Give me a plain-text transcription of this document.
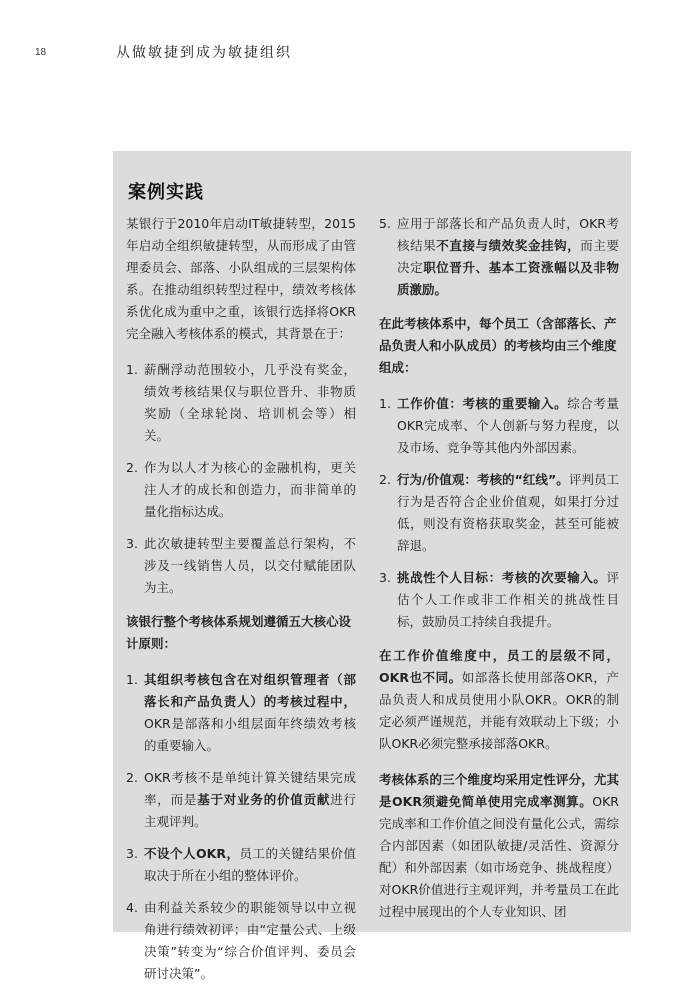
18	从做敏捷到成为敏捷组织
案例实践

某银行于2010年启动IT敏捷转型，2015年启动全组织敏捷转型，从而形成了由管理委员会、部落、小队组成的三层架构体系。在推动组织转型过程中，绩效考核体系优化成为重中之重，该银行选择将OKR完全融入考核体系的模式，其背景在于：

1. 薪酬浮动范围较小，几乎没有奖金，绩效考核结果仅与职位晋升、非物质奖励（全球轮岗、培训机会等）相关。
2. 作为以人才为核心的金融机构，更关注人才的成长和创造力，而非简单的量化指标达成。
3. 此次敏捷转型主要覆盖总行架构，不涉及一线销售人员，以交付赋能团队为主。

该银行整个考核体系规划遵循五大核心设计原则：

1. 其组织考核包含在对组织管理者（部落长和产品负责人）的考核过程中，OKR是部落和小组层面年终绩效考核的重要输入。
2. OKR考核不是单纯计算关键结果完成率，而是基于对业务的价值贡献进行主观评判。
3. 不设个人OKR，员工的关键结果价值取决于所在小组的整体评价。
4. 由利益关系较少的职能领导以中立视角进行绩效初评；由“定量公式、上级决策”转变为“综合价值评判、委员会研讨决策”。
5. 应用于部落长和产品负责人时，OKR考核结果不直接与绩效奖金挂钩，而主要决定职位晋升、基本工资涨幅以及非物质激励。

在此考核体系中，每个员工（含部落长、产品负责人和小队成员）的考核均由三个维度组成：

1. 工作价值：考核的重要输入。综合考量OKR完成率、个人创新与努力程度，以及市场、竞争等其他内外部因素。
2. 行为/价值观：考核的“红线”。评判员工行为是否符合企业价值观，如果打分过低，则没有资格获取奖金，甚至可能被辞退。
3. 挑战性个人目标：考核的次要输入。评估个人工作或非工作相关的挑战性目标，鼓励员工持续自我提升。

在工作价值维度中，员工的层级不同，OKR也不同。如部落长使用部落OKR，产品负责人和成员使用小队OKR。OKR的制定必须严谨规范，并能有效联动上下级；小队OKR必须完整承接部落OKR。

考核体系的三个维度均采用定性评分，尤其是OKR须避免简单使用完成率测算。OKR完成率和工作价值之间没有量化公式，需综合内部因素（如团队敏捷/灵活性、资源分配）和外部因素（如市场竞争、挑战程度）对OKR价值进行主观评判，并考量员工在此过程中展现出的个人专业知识、团
